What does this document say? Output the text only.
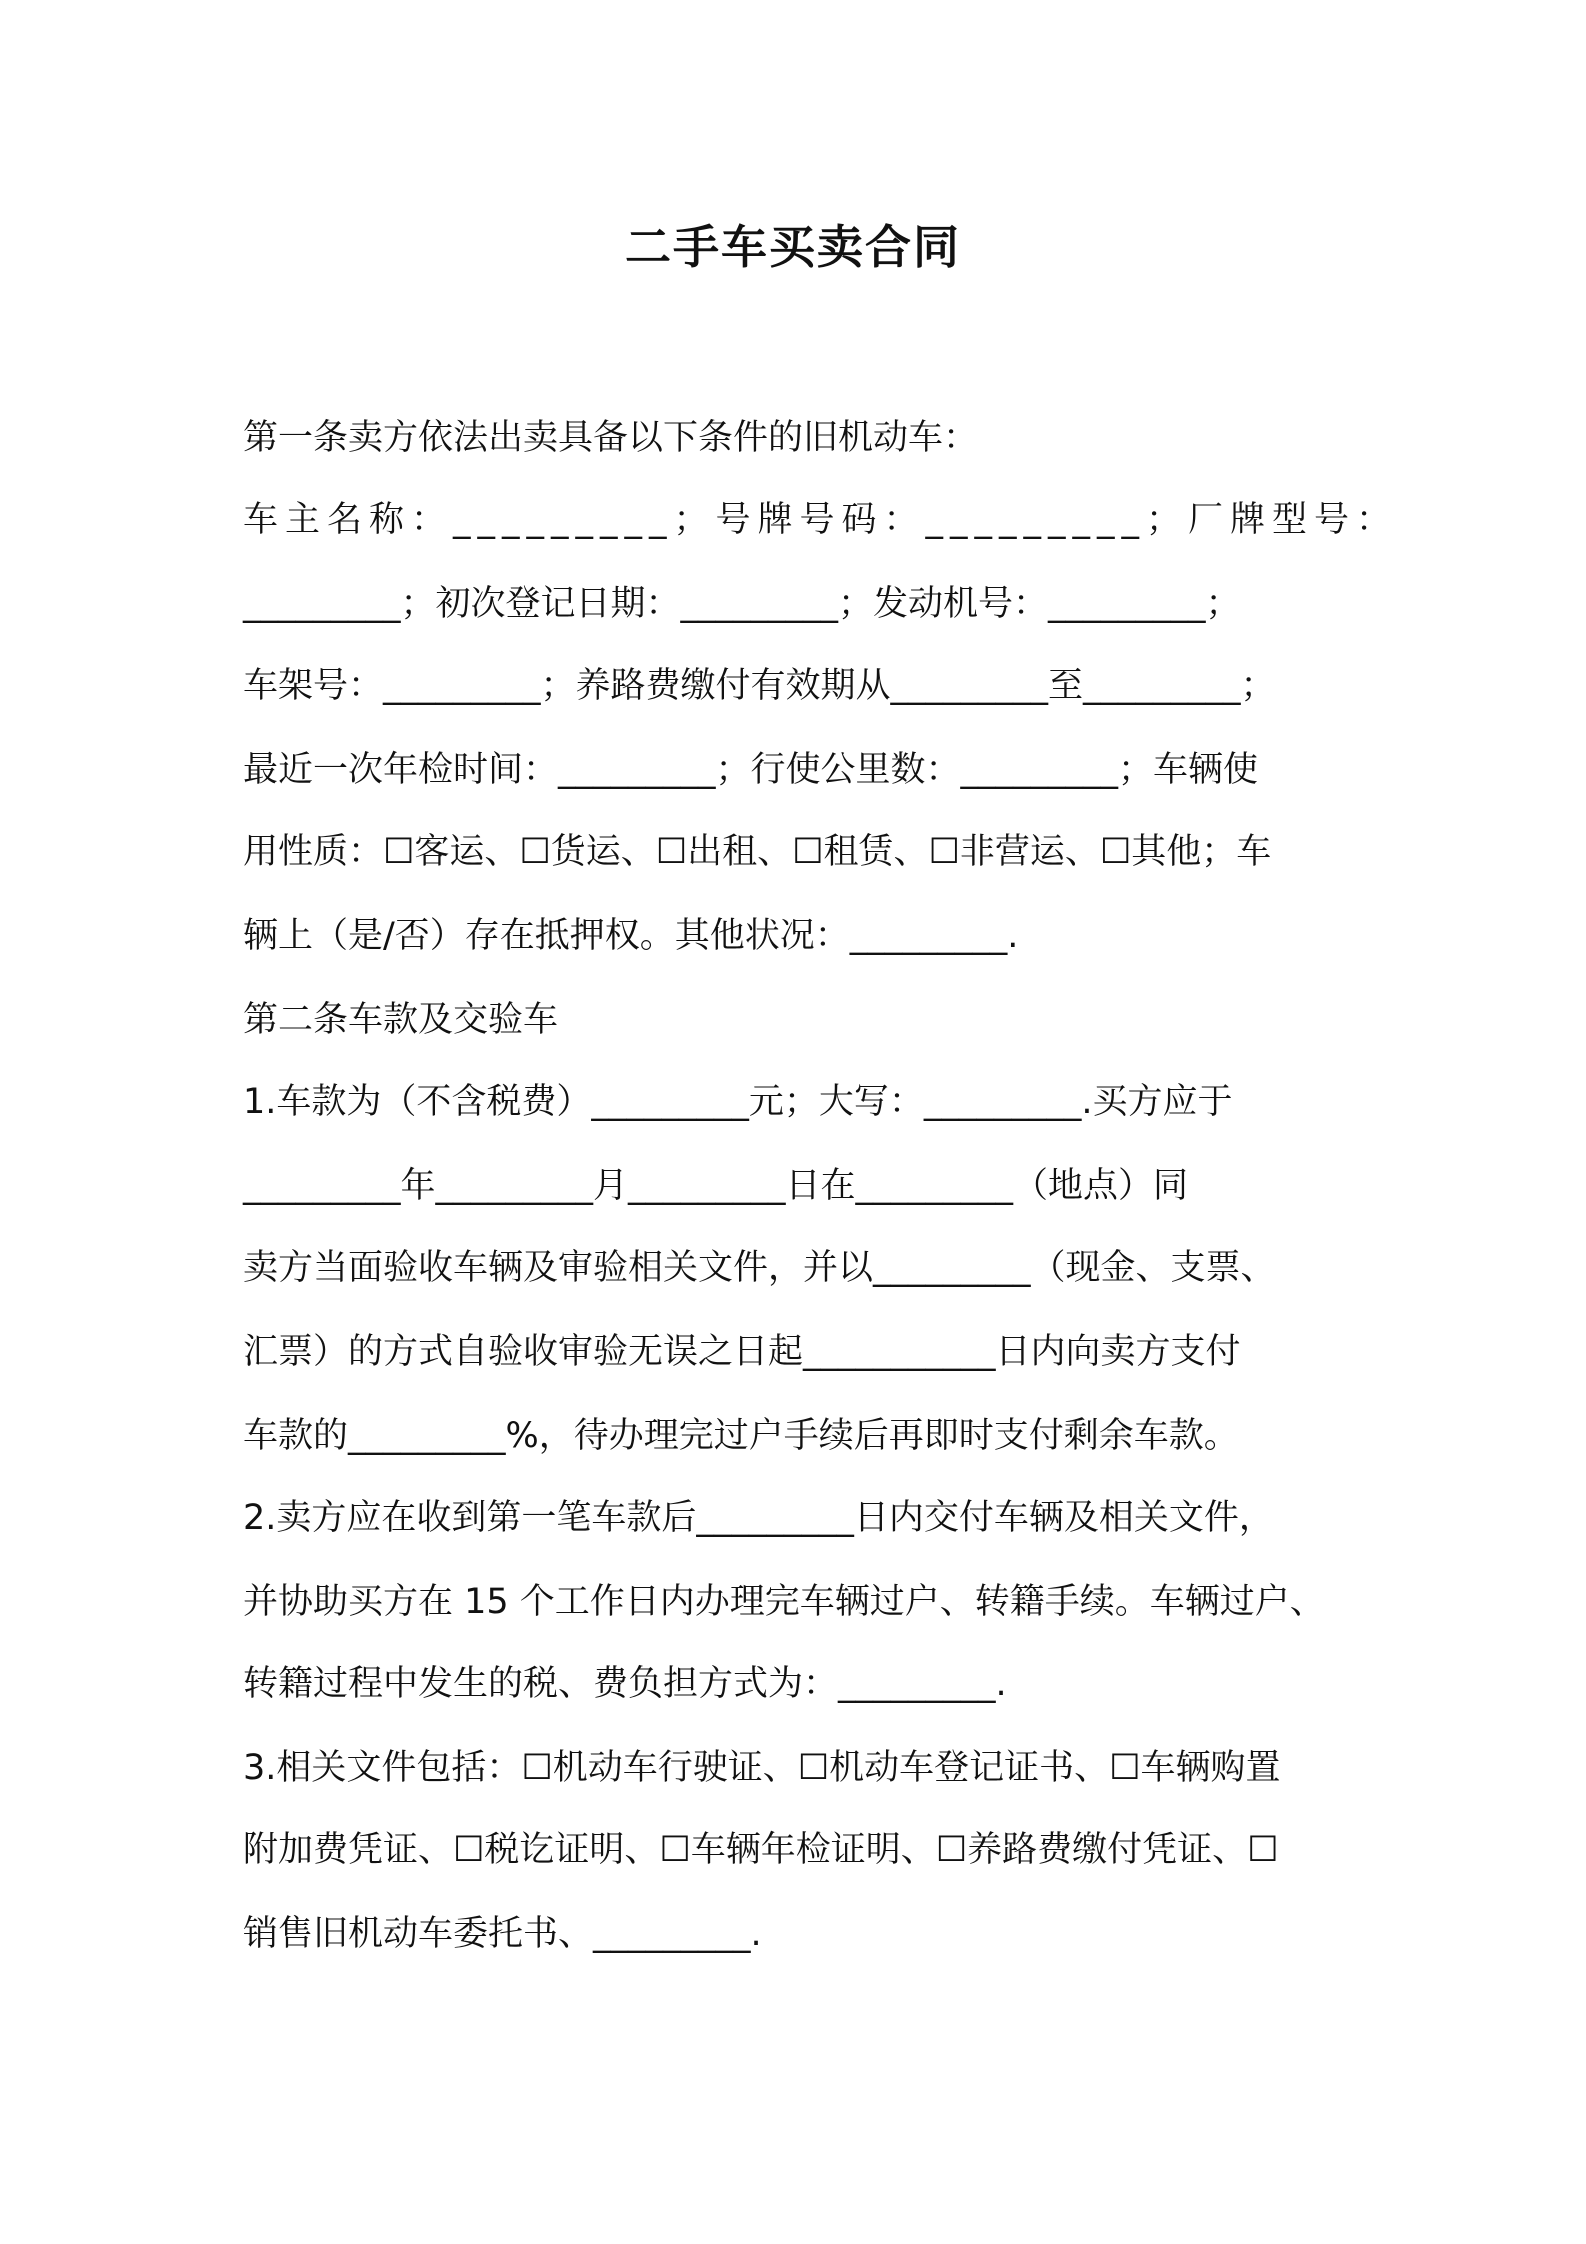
二手车买卖合同

第一条卖方依法出卖具备以下条件的旧机动车：

车主名称：_________；号牌号码：_________；厂牌型号：

_________；初次登记日期：_________；发动机号：_________；

车架号：_________；养路费缴付有效期从_________至_________；

最近一次年检时间：_________；行使公里数：_________；车辆使

用性质：☐客运、☐货运、☐出租、☐租赁、☐非营运、☐其他；车

辆上（是/否）存在抵押权。其他状况：_________.

第二条车款及交验车

1.车款为（不含税费）_________元；大写：_________.买方应于

_________年_________月_________日在_________（地点）同

卖方当面验收车辆及审验相关文件，并以_________（现金、支票、

汇票）的方式自验收审验无误之日起___________日内向卖方支付

车款的_________%，待办理完过户手续后再即时支付剩余车款。

2.卖方应在收到第一笔车款后_________日内交付车辆及相关文件，

并协助买方在 15 个工作日内办理完车辆过户、转籍手续。车辆过户、

转籍过程中发生的税、费负担方式为：_________.

3.相关文件包括：☐机动车行驶证、☐机动车登记证书、☐车辆购置

附加费凭证、☐税讫证明、☐车辆年检证明、☐养路费缴付凭证、☐

销售旧机动车委托书、_________.
